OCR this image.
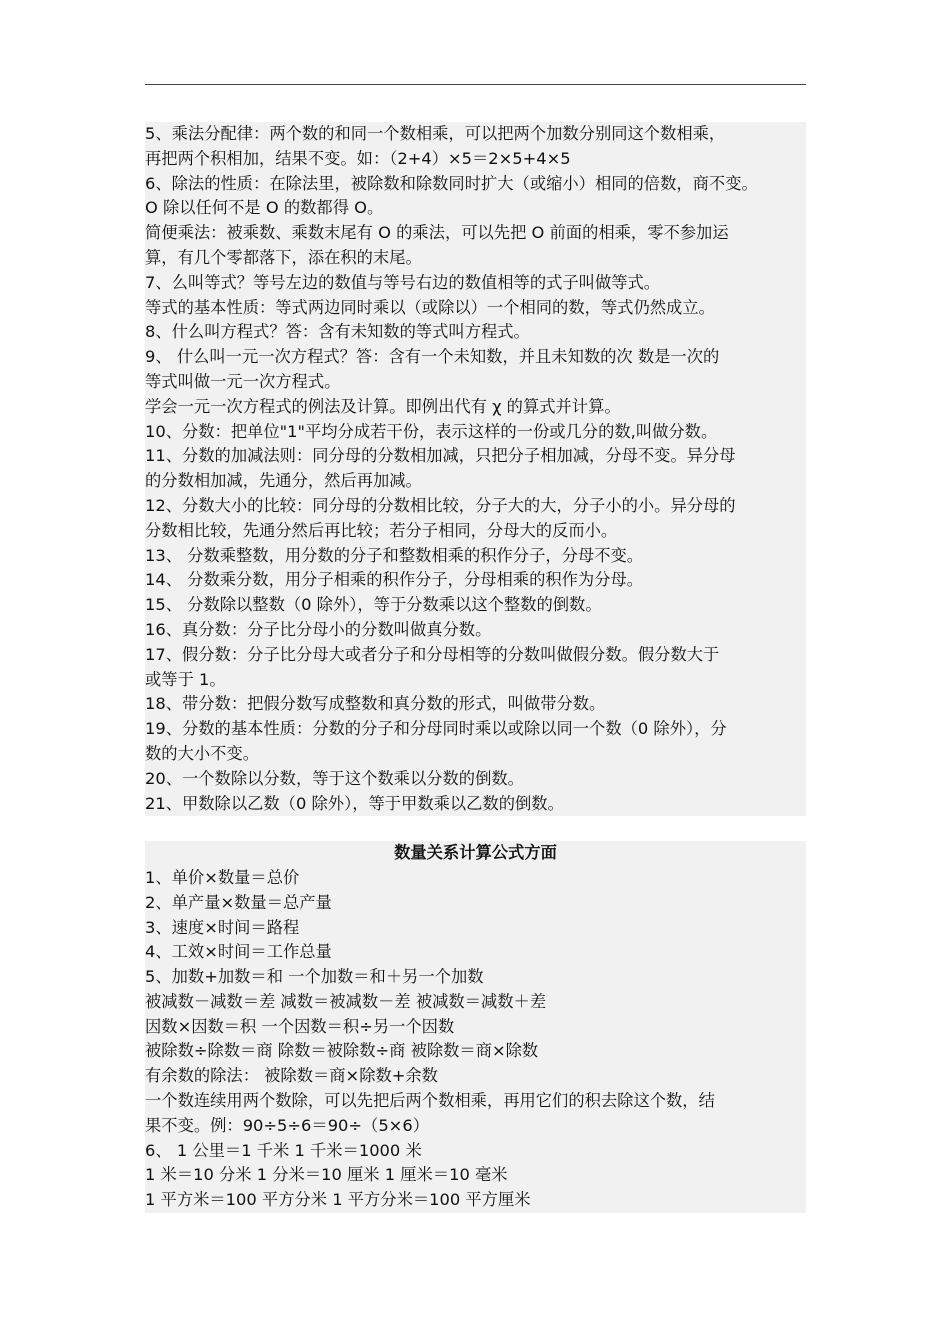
5、乘法分配律：两个数的和同一个数相乘，可以把两个加数分别同这个数相乘，
再把两个积相加，结果不变。如：（2+4）×5＝2×5+4×5
6、除法的性质：在除法里，被除数和除数同时扩大（或缩小）相同的倍数，商不变。
O 除以任何不是 O 的数都得 O。
简便乘法：被乘数、乘数末尾有 O 的乘法，可以先把 O 前面的相乘，零不参加运
算，有几个零都落下，添在积的末尾。
7、么叫等式？等号左边的数值与等号右边的数值相等的式子叫做等式。
等式的基本性质：等式两边同时乘以（或除以）一个相同的数，等式仍然成立。
8、什么叫方程式？答：含有未知数的等式叫方程式。
9、 什么叫一元一次方程式？答：含有一个未知数，并且未知数的次 数是一次的
等式叫做一元一次方程式。
学会一元一次方程式的例法及计算。即例出代有 χ 的算式并计算。
10、分数：把单位"1"平均分成若干份，表示这样的一份或几分的数,叫做分数。
11、分数的加减法则：同分母的分数相加减，只把分子相加减，分母不变。异分母
的分数相加减，先通分，然后再加减。
12、分数大小的比较：同分母的分数相比较，分子大的大，分子小的小。异分母的
分数相比较，先通分然后再比较；若分子相同，分母大的反而小。
13、 分数乘整数，用分数的分子和整数相乘的积作分子，分母不变。
14、 分数乘分数，用分子相乘的积作分子，分母相乘的积作为分母。
15、 分数除以整数（0 除外），等于分数乘以这个整数的倒数。
16、真分数：分子比分母小的分数叫做真分数。
17、假分数：分子比分母大或者分子和分母相等的分数叫做假分数。假分数大于
或等于 1。
18、带分数：把假分数写成整数和真分数的形式，叫做带分数。
19、分数的基本性质：分数的分子和分母同时乘以或除以同一个数（0 除外），分
数的大小不变。
20、一个数除以分数，等于这个数乘以分数的倒数。
21、甲数除以乙数（0 除外），等于甲数乘以乙数的倒数。
数量关系计算公式方面
1、单价×数量＝总价
2、单产量×数量＝总产量
3、速度×时间＝路程
4、工效×时间＝工作总量
5、加数+加数＝和 一个加数＝和＋另一个加数
被减数－减数＝差 减数＝被减数－差 被减数＝减数＋差
因数×因数＝积 一个因数＝积÷另一个因数
被除数÷除数＝商 除数＝被除数÷商 被除数＝商×除数
有余数的除法： 被除数＝商×除数+余数
一个数连续用两个数除，可以先把后两个数相乘，再用它们的积去除这个数，结
果不变。例：90÷5÷6＝90÷（5×6）
6、 1 公里＝1 千米 1 千米＝1000 米
1 米＝10 分米 1 分米＝10 厘米 1 厘米＝10 毫米
1 平方米＝100 平方分米 1 平方分米＝100 平方厘米
